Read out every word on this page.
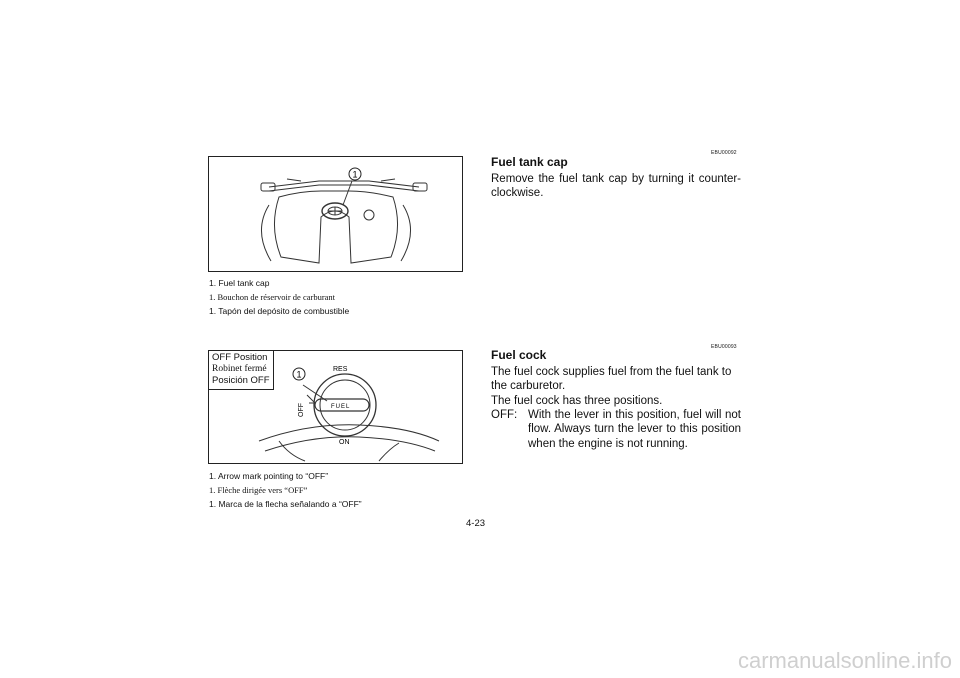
1
1. Fuel tank cap
1. Bouchon de réservoir de carburant
1. Tapón del depósito de combustible
1	RES
OFF
ON
FUEL
OFF Position
Robinet fermé
Posición OFF
1. Arrow mark pointing to “OFF”
1. Flèche dirigée vers “OFF”
1. Marca de la flecha señalando a “OFF”
EBU00092
Fuel tank cap
Remove the fuel tank cap by turning it counter-clockwise.
EBU00093
Fuel cock
The fuel cock supplies fuel from the fuel tank to the carburetor.
The fuel cock has three positions.
OFF: With the lever in this position, fuel will not flow. Always turn the lever to this position when the engine is not running.
4-23
carmanualsonline.info
